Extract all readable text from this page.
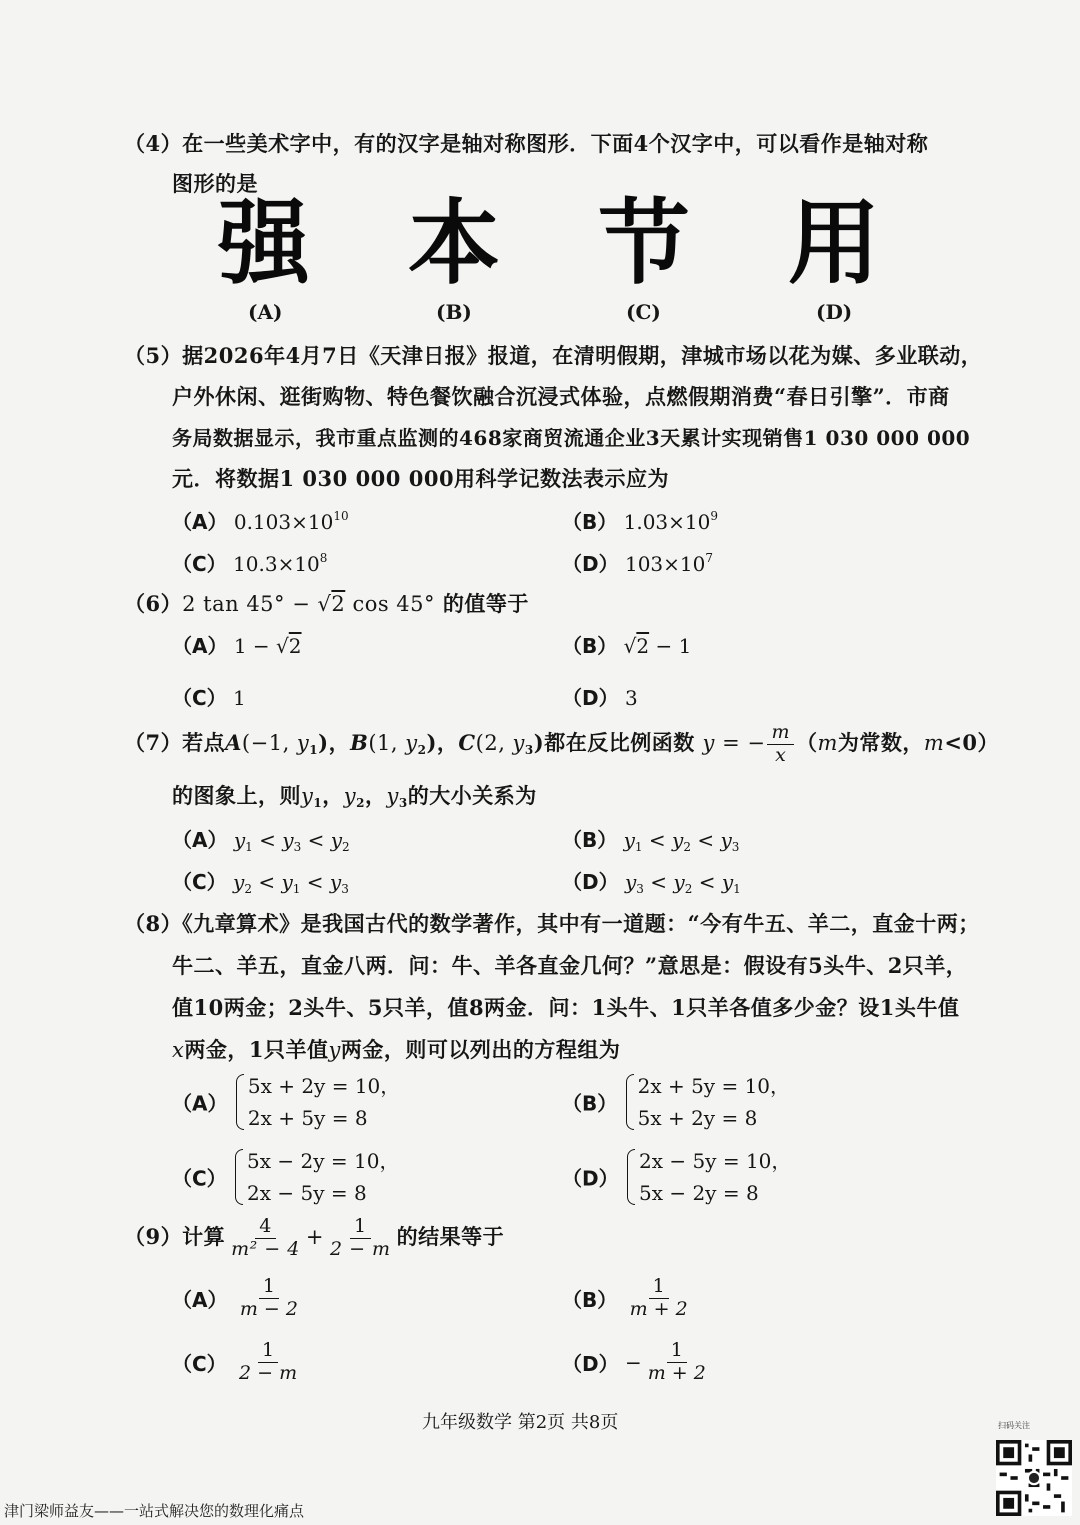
（4）在一些美术字中，有的汉字是轴对称图形．下面4个汉字中，可以看作是轴对称
图形的是
强 本 节 用
(A)	(B)	(C)	(D)
（5）据2026年4月7日《天津日报》报道，在清明假期，津城市场以花为媒、多业联动，
户外休闲、逛街购物、特色餐饮融合沉浸式体验，点燃假期消费“春日引擎”．市商
务局数据显示，我市重点监测的468家商贸流通企业3天累计实现销售1 030 000 000
元．将数据1 030 000 000用科学记数法表示应为
（A） $0.103\times 10^{10}$	（B） $1.03\times 10^9$
（C） $10.3\times 10^8$	（D） $103\times 10^7$
（6）2 tan 45° − √2 cos 45° 的值等于
（A） 1 − √2	（B） √2 − 1
（C） 1	（D） 3
（7）若点A(−1, $y_1$)，B(1, $y_2$)，C(2, $y_3$)都在反比例函数 y = − $\frac{m}{x} (m$为常数，m<0）
的图象上，则$y_1$，$y_2$，$y_3$的大小关系为
（A） $y_1 < y_3 < y_2$	（B） $y_1 < y_2 < y_3$
（C） $y_2 < y_1 < y_3$	（D） $y_3 < y_2 < y_1$
（8）《九章算术》是我国古代的数学著作，其中有一道题：“今有牛五、羊二，直金十两；
牛二、羊五，直金八两．问：牛、羊各直金几何？”意思是：假设有5头牛、2只羊，
值10两金；2头牛、5只羊，值8两金．问：1头牛、1只羊各值多少金？设1头牛值
x两金，1只羊值y两金，则可以列出的方程组为
（A） 5x + 2y = 10，
2x + 5y = 8
（B） 2x + 5y = 10，
5x + 2y = 8
（C） 5x − 2y = 10，
2x − 5y = 8
（D） 2x − 5y = 10，
5x − 2y = 8
（9）计算 $\frac{4}{\text{m² − 4}} + \frac{1}{2 - m}$ 的结果等于
$(A) \frac{1}{m - 2}$	$(B) \frac{1}{m + 2}$
$(C) \frac{1}{2 - m}$	$(D) - \frac{1}{m + 2}$
九年级数学 第2页 共8页
津门梁师益友——一站式解决您的数理化痛点
扫码关注
